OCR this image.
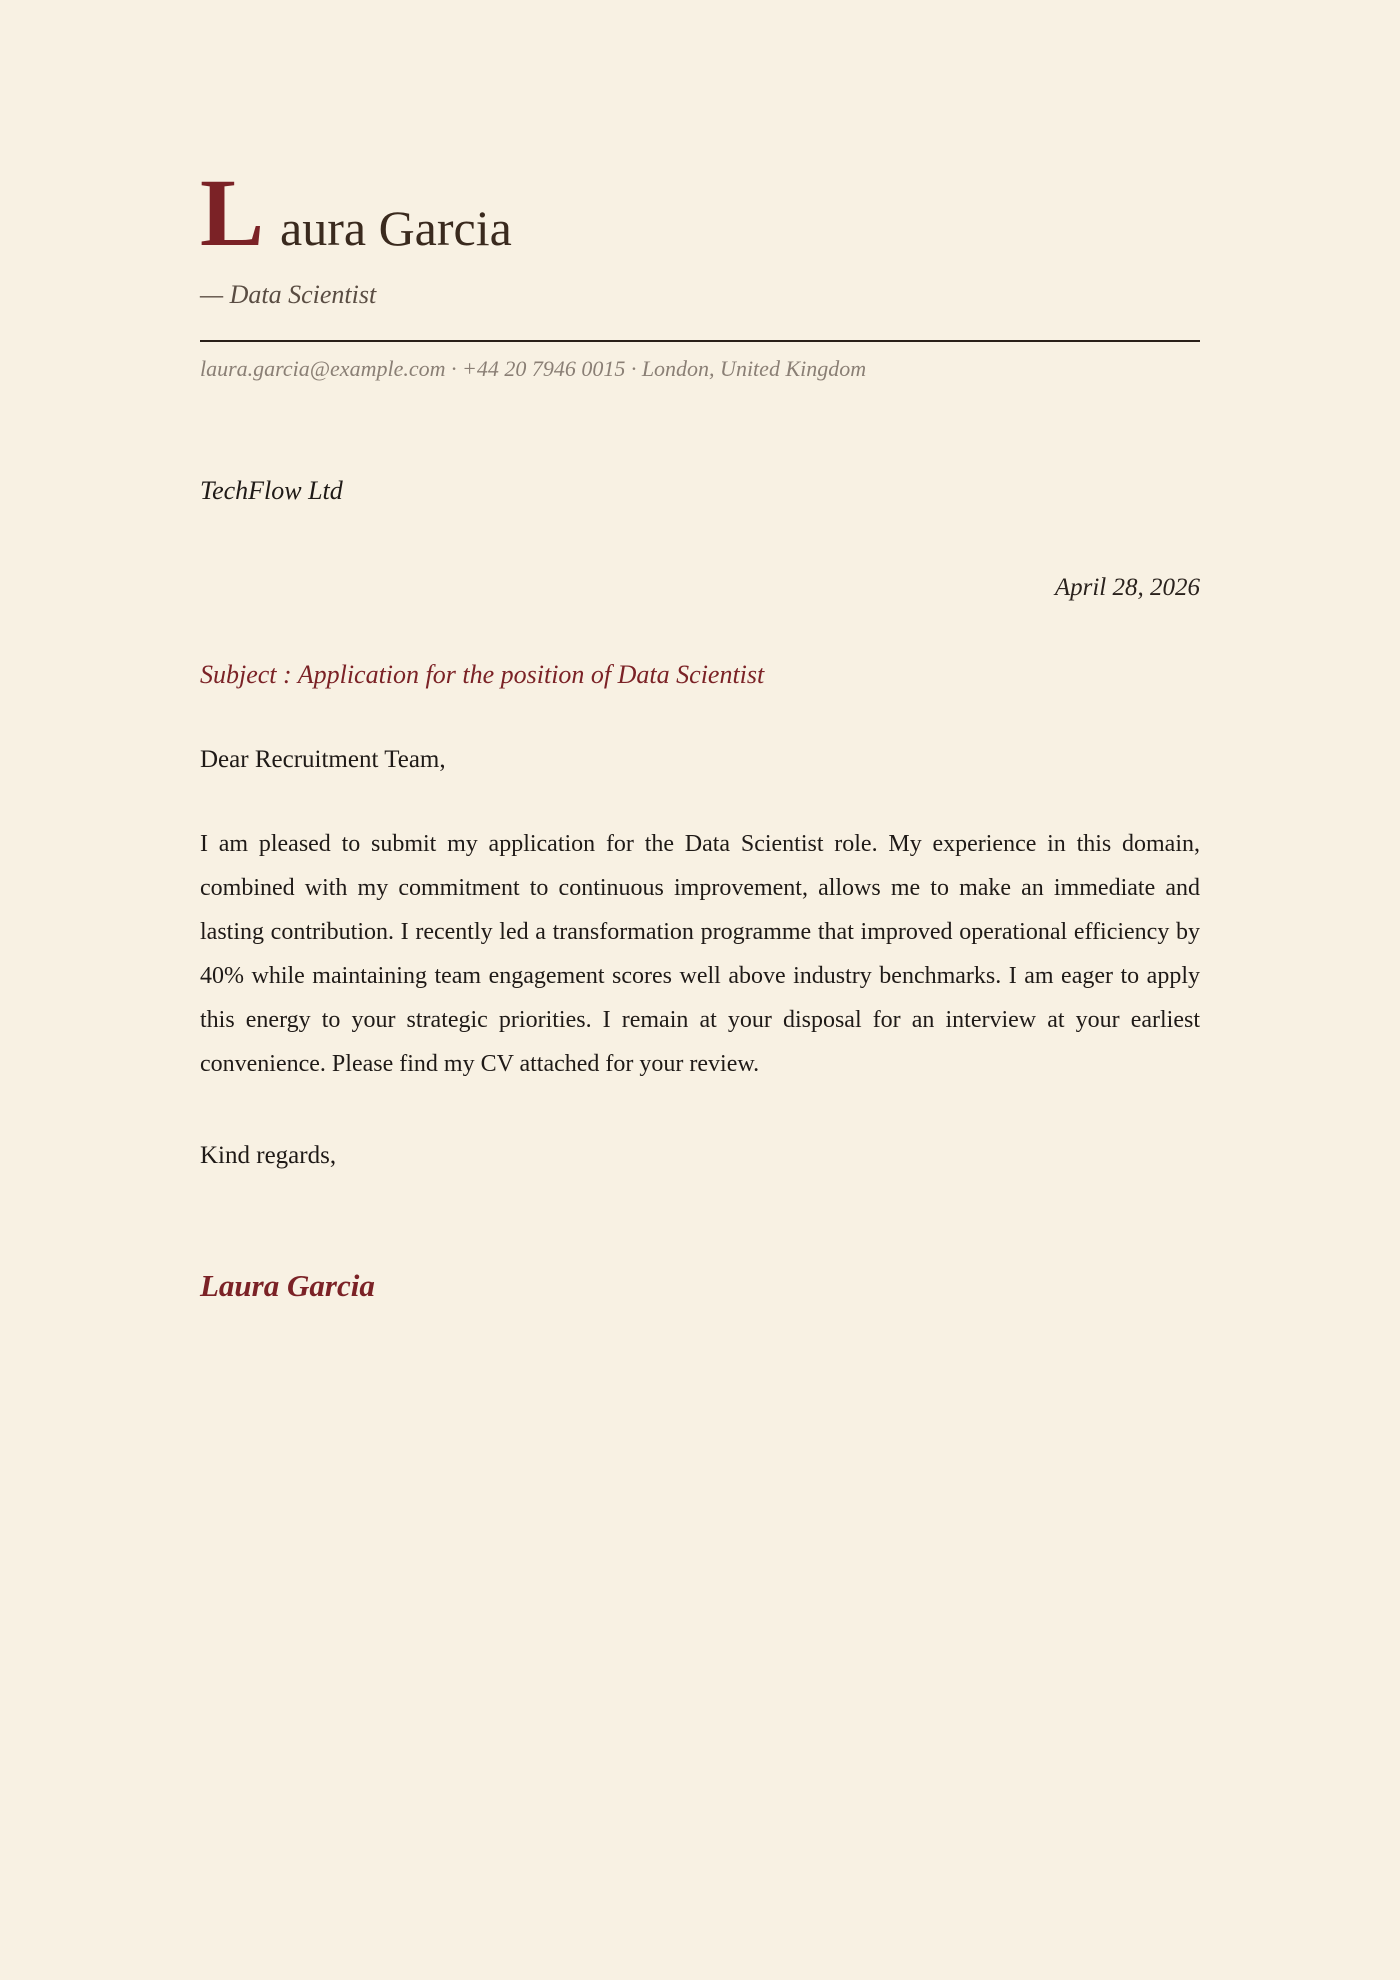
Laura Garcia
— Data Scientist
laura.garcia@example.com · +44 20 7946 0015 · London, United Kingdom
TechFlow Ltd
April 28, 2026
Subject : Application for the position of Data Scientist
Dear Recruitment Team,

I am pleased to submit my application for the Data Scientist role. My experience in this domain, combined with my commitment to continuous improvement, allows me to make an immediate and lasting contribution. I recently led a transformation programme that improved operational efficiency by 40% while maintaining team engagement scores well above industry benchmarks. I am eager to apply this energy to your strategic priorities. I remain at your disposal for an interview at your earliest convenience. Please find my CV attached for your review.

Kind regards,
Laura Garcia
